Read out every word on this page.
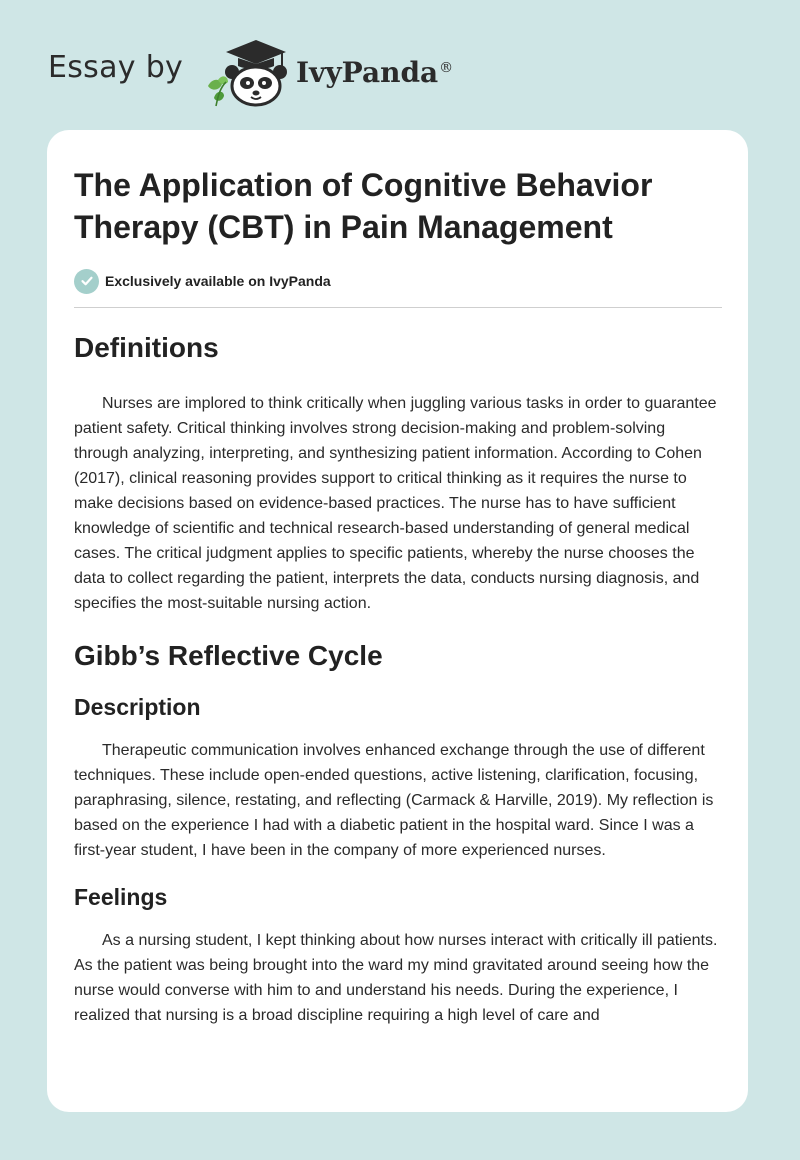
Essay by	IvyPanda®
The Application of Cognitive Behavior Therapy (CBT) in Pain Management
Exclusively available on IvyPanda
Definitions

Nurses are implored to think critically when juggling various tasks in order to guarantee patient safety. Critical thinking involves strong decision-making and problem-solving through analyzing, interpreting, and synthesizing patient information. According to Cohen (2017), clinical reasoning provides support to critical thinking as it requires the nurse to make decisions based on evidence-based practices. The nurse has to have sufficient knowledge of scientific and technical research-based understanding of general medical cases. The critical judgment applies to specific patients, whereby the nurse chooses the data to collect regarding the patient, interprets the data, conducts nursing diagnosis, and specifies the most-suitable nursing action.

Gibb’s Reflective Cycle
Description

Therapeutic communication involves enhanced exchange through the use of different techniques. These include open-ended questions, active listening, clarification, focusing, paraphrasing, silence, restating, and reflecting (Carmack & Harville, 2019). My reflection is based on the experience I had with a diabetic patient in the hospital ward. Since I was a first-year student, I have been in the company of more experienced nurses.

Feelings

As a nursing student, I kept thinking about how nurses interact with critically ill patients. As the patient was being brought into the ward my mind gravitated around seeing how the nurse would converse with him to and understand his needs. During the experience, I realized that nursing is a broad discipline requiring a high level of care and
